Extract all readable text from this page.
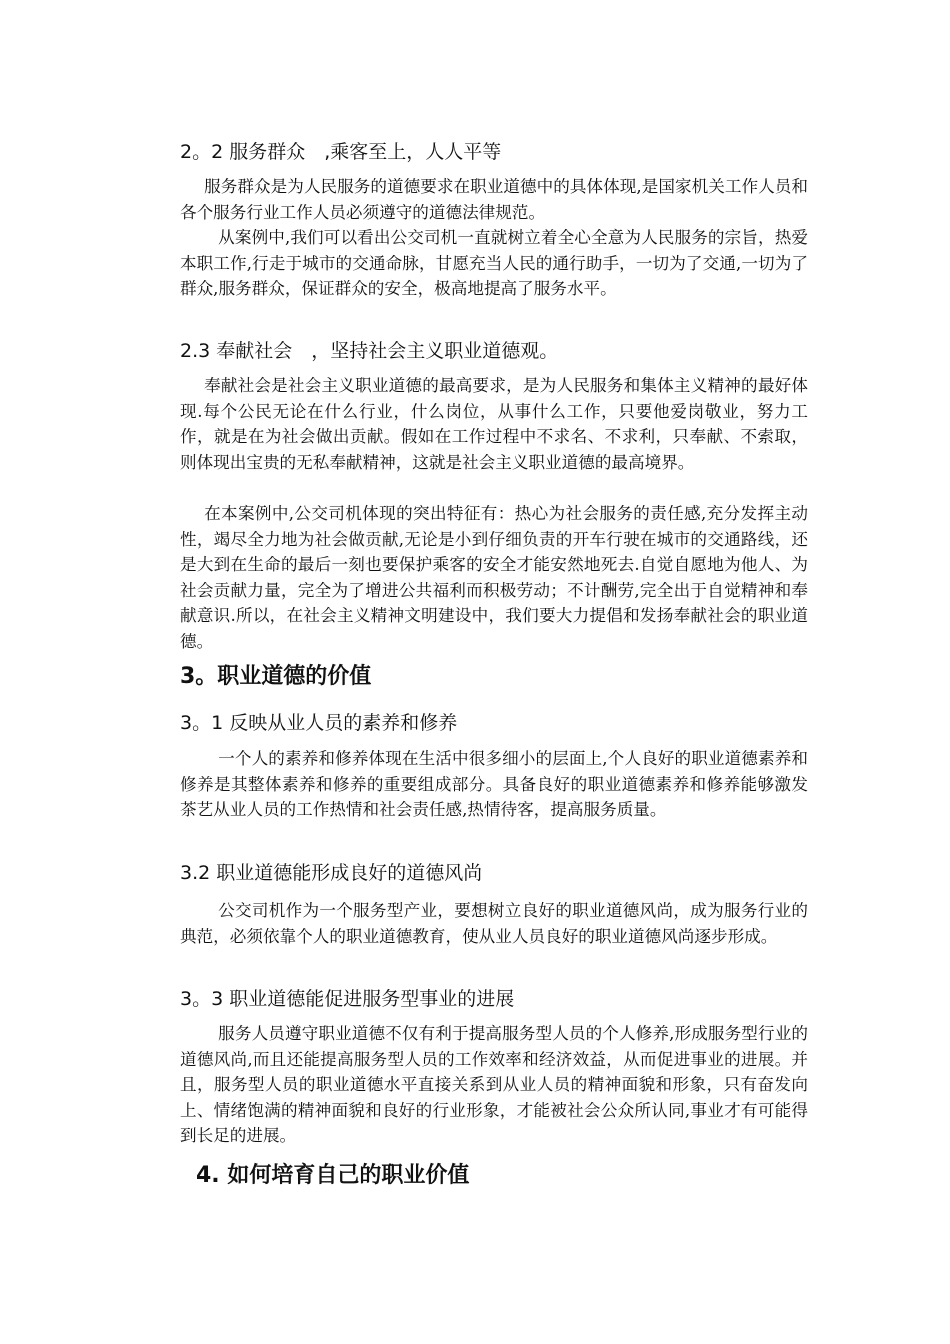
2。2 服务群众　,乘客至上，人人平等

服务群众是为人民服务的道德要求在职业道德中的具体体现,是国家机关工作人员和各个服务行业工作人员必须遵守的道德法律规范。

从案例中,我们可以看出公交司机一直就树立着全心全意为人民服务的宗旨，热爱本职工作,行走于城市的交通命脉，甘愿充当人民的通行助手，一切为了交通,一切为了群众,服务群众，保证群众的安全，极高地提高了服务水平。

2.3 奉献社会　，坚持社会主义职业道德观。

奉献社会是社会主义职业道德的最高要求，是为人民服务和集体主义精神的最好体现.每个公民无论在什么行业，什么岗位，从事什么工作，只要他爱岗敬业，努力工作，就是在为社会做出贡献。假如在工作过程中不求名、不求利，只奉献、不索取，则体现出宝贵的无私奉献精神，这就是社会主义职业道德的最高境界。

在本案例中,公交司机体现的突出特征有：热心为社会服务的责任感,充分发挥主动性，竭尽全力地为社会做贡献,无论是小到仔细负责的开车行驶在城市的交通路线，还是大到在生命的最后一刻也要保护乘客的安全才能安然地死去.自觉自愿地为他人、为社会贡献力量，完全为了增进公共福利而积极劳动；不计酬劳,完全出于自觉精神和奉献意识.所以，在社会主义精神文明建设中，我们要大力提倡和发扬奉献社会的职业道德。

3。职业道德的价值
3。1 反映从业人员的素养和修养

一个人的素养和修养体现在生活中很多细小的层面上,个人良好的职业道德素养和修养是其整体素养和修养的重要组成部分。具备良好的职业道德素养和修养能够激发茶艺从业人员的工作热情和社会责任感,热情待客，提高服务质量。

3.2 职业道德能形成良好的道德风尚

公交司机作为一个服务型产业，要想树立良好的职业道德风尚，成为服务行业的典范，必须依靠个人的职业道德教育，使从业人员良好的职业道德风尚逐步形成。

3。3 职业道德能促进服务型事业的进展

服务人员遵守职业道德不仅有利于提高服务型人员的个人修养,形成服务型行业的道德风尚,而且还能提高服务型人员的工作效率和经济效益，从而促进事业的进展。并且，服务型人员的职业道德水平直接关系到从业人员的精神面貌和形象，只有奋发向上、情绪饱满的精神面貌和良好的行业形象，才能被社会公众所认同,事业才有可能得到长足的进展。

4. 如何培育自己的职业价值
